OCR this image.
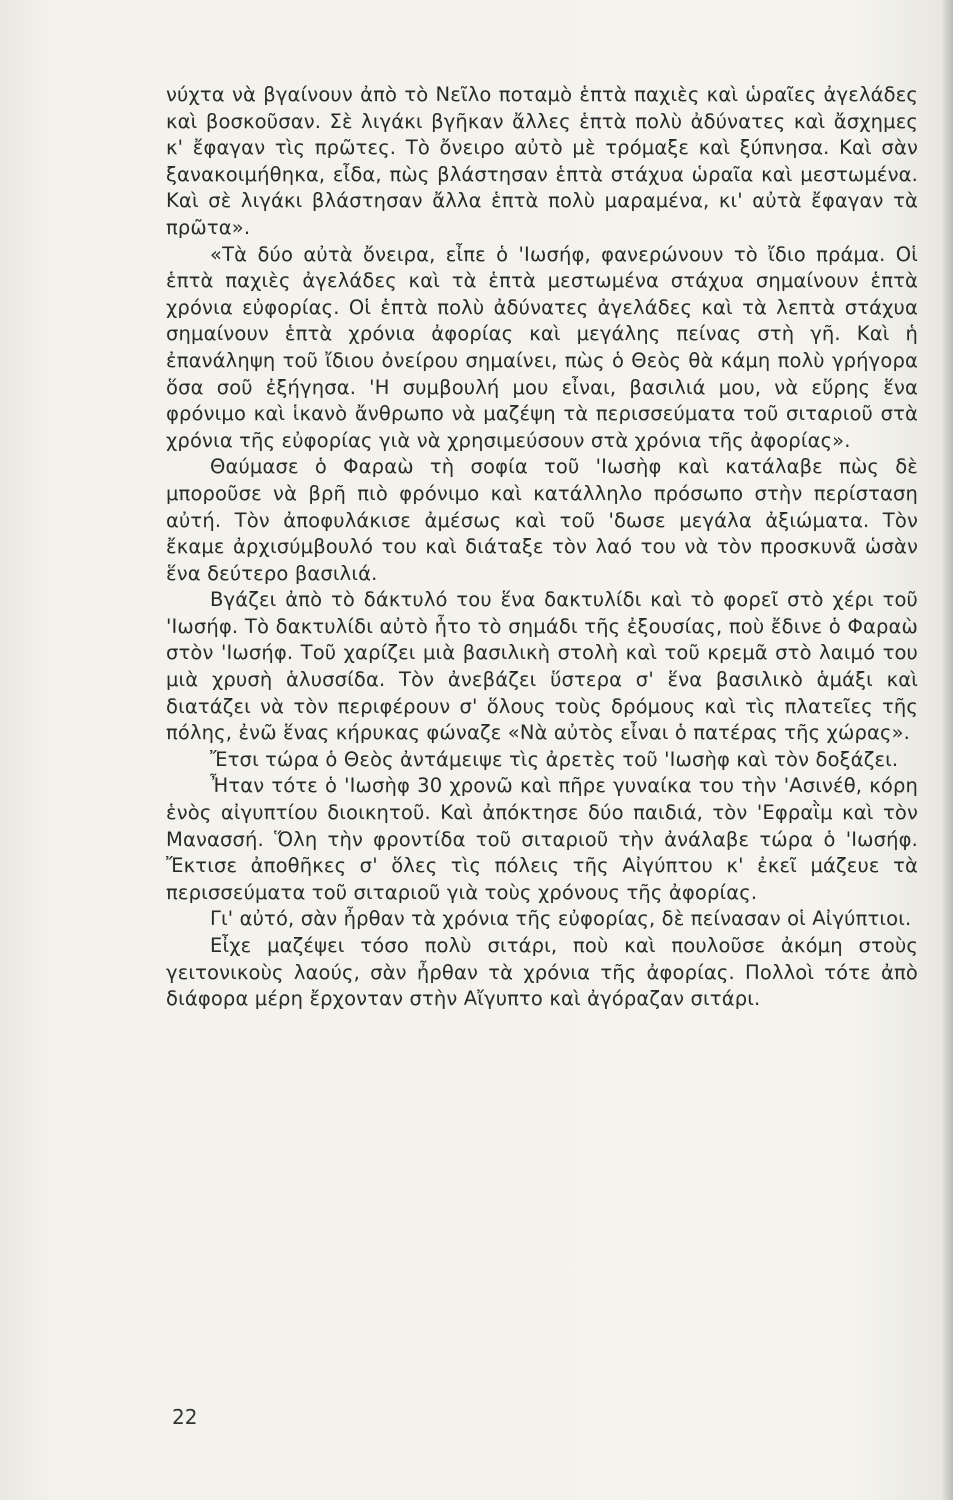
νύχτα νὰ βγαίνουν ἀπὸ τὸ Νεῖλο ποταμὸ ἑπτὰ παχιὲς καὶ ὡραῖες ἀγελάδες καὶ βοσκοῦσαν. Σὲ λιγάκι βγῆκαν ἄλλες ἑπτὰ πολὺ ἀδύνατες καὶ ἄσχημες κ' ἔφαγαν τὶς πρῶτες. Τὸ ὄνειρο αὐτὸ μὲ τρόμαξε καὶ ξύπνησα. Καὶ σὰν ξανακοιμήθηκα, εἶδα, πὼς βλάστησαν ἑπτὰ στάχυα ὡραῖα καὶ μεστωμένα. Καὶ σὲ λιγάκι βλάστησαν ἄλλα ἑπτὰ πολὺ μαραμένα, κι' αὐτὰ ἔφαγαν τὰ πρῶτα».

«Τὰ δύο αὐτὰ ὄνειρα, εἶπε ὁ 'Ιωσήφ, φανερώνουν τὸ ἴδιο πράμα. Οἱ ἑπτὰ παχιὲς ἀγελάδες καὶ τὰ ἑπτὰ μεστωμένα στάχυα σημαίνουν ἑπτὰ χρόνια εὐφορίας. Οἱ ἑπτὰ πολὺ ἀδύνατες ἀγελάδες καὶ τὰ λεπτὰ στάχυα σημαίνουν ἑπτὰ χρόνια ἀφορίας καὶ μεγάλης πείνας στὴ γῆ. Καὶ ἡ ἐπανάληψη τοῦ ἴδιου ὀνείρου σημαίνει, πὼς ὁ Θεὸς θὰ κάμη πολὺ γρήγορα ὅσα σοῦ ἐξήγησα. 'Η συμβουλή μου εἶναι, βασιλιά μου, νὰ εὕρης ἕνα φρόνιμο καὶ ἱκανὸ ἄνθρωπο νὰ μαζέψη τὰ περισσεύματα τοῦ σιταριοῦ στὰ χρόνια τῆς εὐφορίας γιὰ νὰ χρησιμεύσουν στὰ χρόνια τῆς ἀφορίας».

Θαύμασε ὁ Φαραὼ τὴ σοφία τοῦ 'Ιωσὴφ καὶ κατάλαβε πὼς δὲ μποροῦσε νὰ βρῆ πιὸ φρόνιμο καὶ κατάλληλο πρόσωπο στὴν περίσταση αὐτή. Τὸν ἀποφυλάκισε ἀμέσως καὶ τοῦ 'δωσε μεγάλα ἀξιώματα. Τὸν ἔκαμε ἀρχισύμβουλό του καὶ διάταξε τὸν λαό του νὰ τὸν προσκυνᾶ ὡσὰν ἕνα δεύτερο βασιλιά.

Βγάζει ἀπὸ τὸ δάκτυλό του ἕνα δακτυλίδι καὶ τὸ φορεῖ στὸ χέρι τοῦ 'Ιωσήφ. Τὸ δακτυλίδι αὐτὸ ἦτο τὸ σημάδι τῆς ἐξουσίας, ποὺ ἔδινε ὁ Φαραὼ στὸν 'Ιωσήφ. Τοῦ χαρίζει μιὰ βασιλικὴ στολὴ καὶ τοῦ κρεμᾶ στὸ λαιμό του μιὰ χρυσὴ ἁλυσσίδα. Τὸν ἀνεβάζει ὕστερα σ' ἕνα βασιλικὸ ἁμάξι καὶ διατάζει νὰ τὸν περιφέρουν σ' ὅλους τοὺς δρόμους καὶ τὶς πλατεῖες τῆς πόλης, ἐνῶ ἕνας κήρυκας φώναζε «Νὰ αὐτὸς εἶναι ὁ πατέρας τῆς χώρας».

Ἔτσι τώρα ὁ Θεὸς ἀντάμειψε τὶς ἀρετὲς τοῦ 'Ιωσὴφ καὶ τὸν δοξάζει.

Ἦταν τότε ὁ 'Ιωσὴφ 30 χρονῶ καὶ πῆρε γυναίκα του τὴν 'Ασινέθ, κόρη ἑνὸς αἰγυπτίου διοικητοῦ. Καὶ ἀπόκτησε δύο παιδιά, τὸν 'Εφραῒμ καὶ τὸν Μανασσή. Ὅλη τὴν φροντίδα τοῦ σιταριοῦ τὴν ἀνάλαβε τώρα ὁ 'Ιωσήφ. Ἔκτισε ἀποθῆκες σ' ὅλες τὶς πόλεις τῆς Αἰγύπτου κ' ἐκεῖ μάζευε τὰ περισσεύματα τοῦ σιταριοῦ γιὰ τοὺς χρόνους τῆς ἀφορίας.

Γι' αὐτό, σὰν ἦρθαν τὰ χρόνια τῆς εὐφορίας, δὲ πείνασαν οἱ Αἰγύπτιοι.

Εἶχε μαζέψει τόσο πολὺ σιτάρι, ποὺ καὶ πουλοῦσε ἀκόμη στοὺς γειτονικοὺς λαούς, σὰν ἦρθαν τὰ χρόνια τῆς ἀφορίας. Πολλοὶ τότε ἀπὸ διάφορα μέρη ἔρχονταν στὴν Αἴγυπτο καὶ ἀγόραζαν σιτάρι.

22
